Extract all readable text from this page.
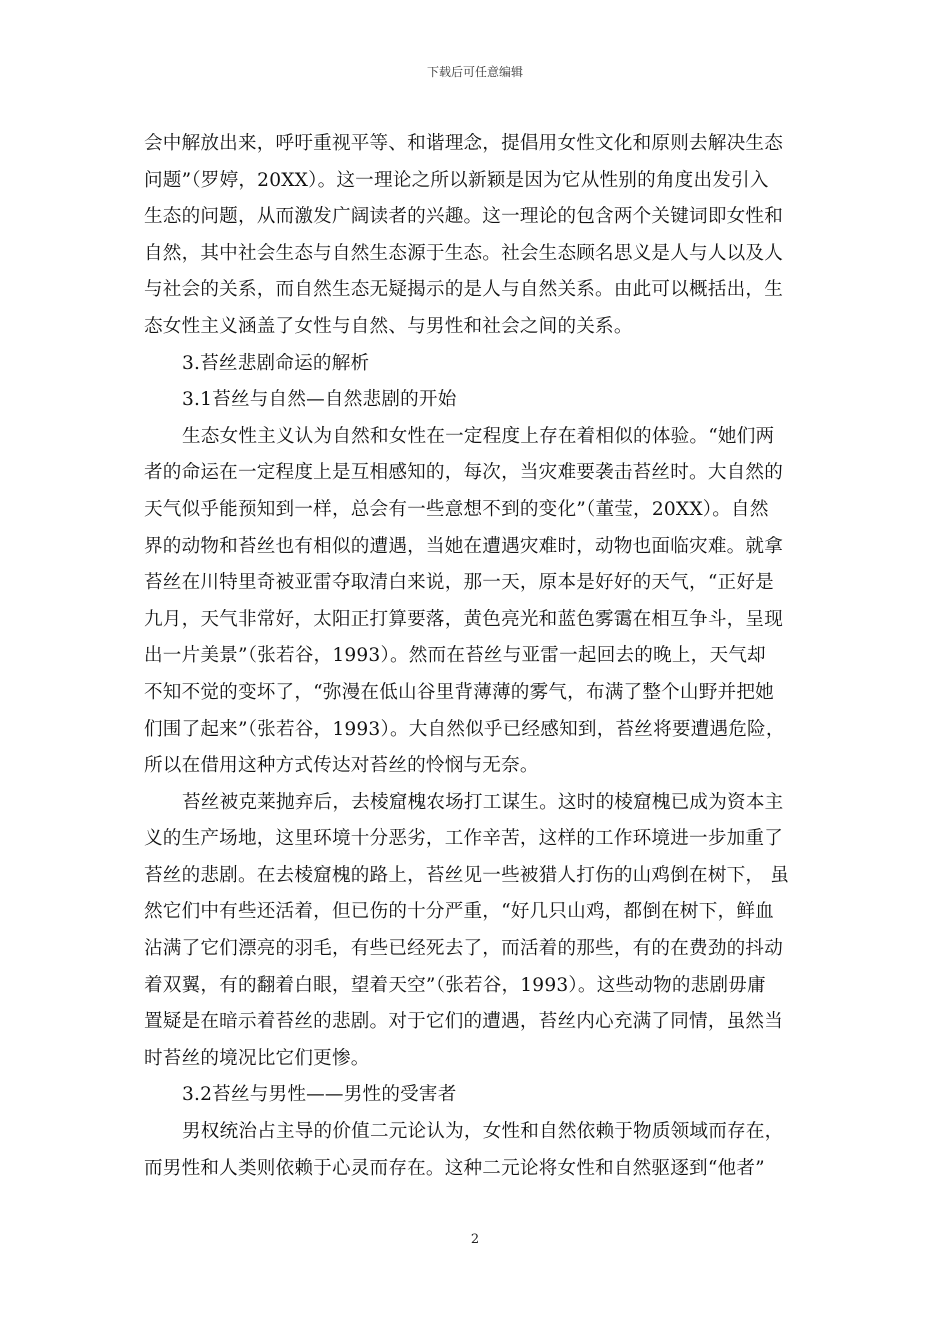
下载后可任意编辑
会中解放出来，呼吁重视平等、和谐理念，提倡用女性文化和原则去解决生态
问题”（罗婷，20XX）。这一理论之所以新颖是因为它从性别的角度出发引入
生态的问题，从而激发广阔读者的兴趣。这一理论的包含两个关键词即女性和
自然，其中社会生态与自然生态源于生态。社会生态顾名思义是人与人以及人
与社会的关系，而自然生态无疑揭示的是人与自然关系。由此可以概括出，生
态女性主义涵盖了女性与自然、与男性和社会之间的关系。
3.苔丝悲剧命运的解析
3.1苔丝与自然—自然悲剧的开始
生态女性主义认为自然和女性在一定程度上存在着相似的体验。“她们两
者的命运在一定程度上是互相感知的，每次，当灾难要袭击苔丝时。大自然的
天气似乎能预知到一样，总会有一些意想不到的变化”（董莹，20XX）。自然
界的动物和苔丝也有相似的遭遇，当她在遭遇灾难时，动物也面临灾难。就拿
苔丝在川特里奇被亚雷夺取清白来说，那一天，原本是好好的天气，“正好是
九月，天气非常好，太阳正打算要落，黄色亮光和蓝色雾霭在相互争斗，呈现
出一片美景”（张若谷，1993）。然而在苔丝与亚雷一起回去的晚上，天气却
不知不觉的变坏了，“弥漫在低山谷里背薄薄的雾气，布满了整个山野并把她
们围了起来”（张若谷，1993）。大自然似乎已经感知到，苔丝将要遭遇危险，
所以在借用这种方式传达对苔丝的怜悯与无奈。
苔丝被克莱抛弃后，去棱窟槐农场打工谋生。这时的棱窟槐已成为资本主
义的生产场地，这里环境十分恶劣，工作辛苦，这样的工作环境进一步加重了
苔丝的悲剧。在去棱窟槐的路上，苔丝见一些被猎人打伤的山鸡倒在树下， 虽
然它们中有些还活着，但已伤的十分严重，“好几只山鸡，都倒在树下，鲜血
沾满了它们漂亮的羽毛，有些已经死去了，而活着的那些，有的在费劲的抖动
着双翼，有的翻着白眼，望着天空”（张若谷，1993）。这些动物的悲剧毋庸
置疑是在暗示着苔丝的悲剧。对于它们的遭遇，苔丝内心充满了同情，虽然当
时苔丝的境况比它们更惨。
3.2苔丝与男性——男性的受害者
男权统治占主导的价值二元论认为，女性和自然依赖于物质领域而存在，
而男性和人类则依赖于心灵而存在。这种二元论将女性和自然驱逐到“他者”
2
